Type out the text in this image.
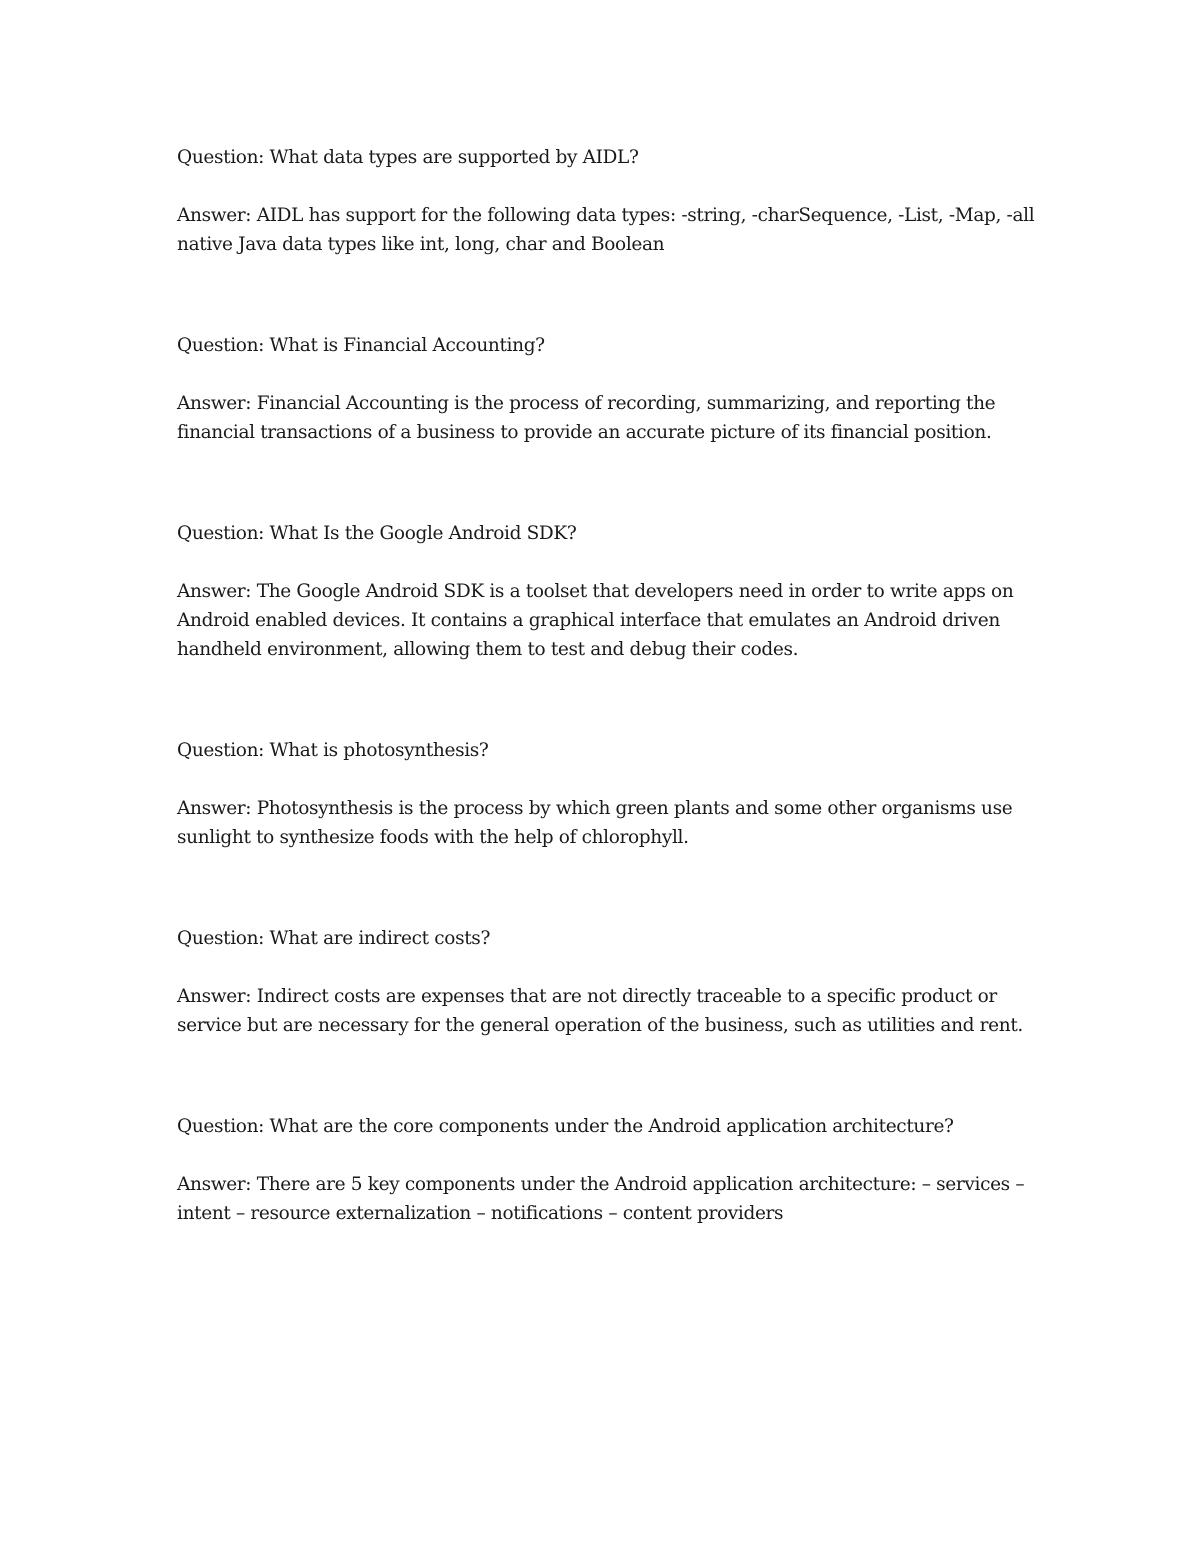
Question: What data types are supported by AIDL?

Answer: AIDL has support for the following data types: -string, -charSequence, -List, -Map, -all native Java data types like int, long, char and Boolean

Question: What is Financial Accounting?

Answer: Financial Accounting is the process of recording, summarizing, and reporting the financial transactions of a business to provide an accurate picture of its financial position.

Question: What Is the Google Android SDK?

Answer: The Google Android SDK is a toolset that developers need in order to write apps on Android enabled devices. It contains a graphical interface that emulates an Android driven handheld environment, allowing them to test and debug their codes.

Question: What is photosynthesis?

Answer: Photosynthesis is the process by which green plants and some other organisms use sunlight to synthesize foods with the help of chlorophyll.

Question: What are indirect costs?

Answer: Indirect costs are expenses that are not directly traceable to a specific product or service but are necessary for the general operation of the business, such as utilities and rent.

Question: What are the core components under the Android application architecture?

Answer: There are 5 key components under the Android application architecture: – services – intent – resource externalization – notifications – content providers
